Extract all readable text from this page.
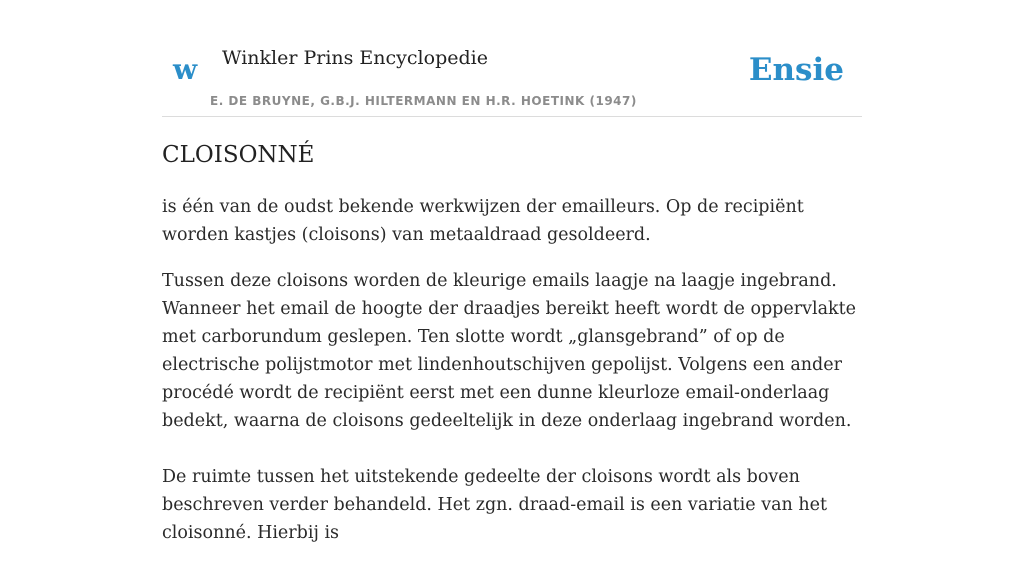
w Winkler Prins Encyclopedie
E. DE BRUYNE, G.B.J. HILTERMANN EN H.R. HOETINK (1947)
Ensie
CLOISONNÉ

is één van de oudst bekende werkwijzen der emailleurs. Op de recipiënt worden kastjes (cloisons) van metaaldraad gesoldeerd.

Tussen deze cloisons worden de kleurige emails laagje na laagje ingebrand. Wanneer het email de hoogte der draadjes bereikt heeft wordt de oppervlakte met carborundum geslepen. Ten slotte wordt „glansgebrand” of op de electrische polijstmotor met lindenhoutschijven gepolijst. Volgens een ander procédé wordt de recipiënt eerst met een dunne kleurloze email-onderlaag bedekt, waarna de cloisons gedeeltelijk in deze onderlaag ingebrand worden.

De ruimte tussen het uitstekende gedeelte der cloisons wordt als boven beschreven verder behandeld. Het zgn. draad-email is een variatie van het cloisonné. Hierbij is
